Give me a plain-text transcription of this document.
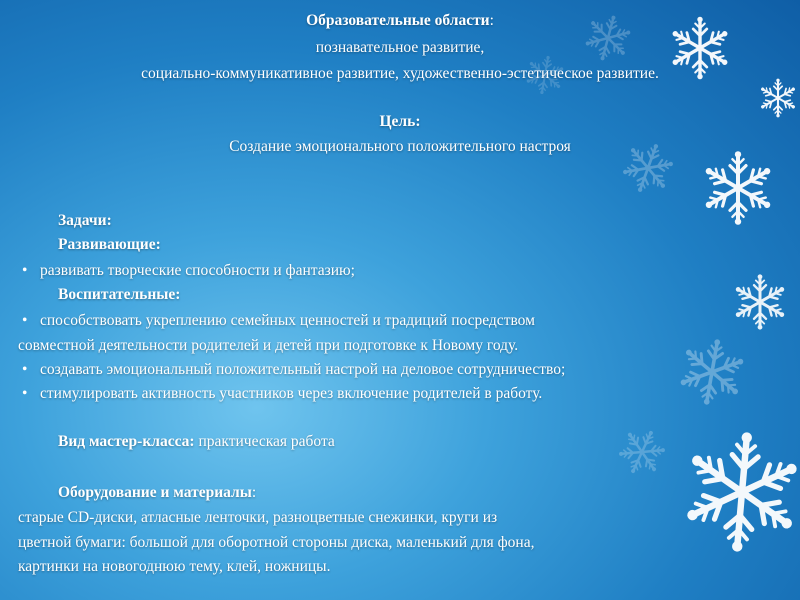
Образовательные области:
познавательное развитие,
социально-коммуникативное развитие, художественно-эстетическое развитие.
Цель:
Создание эмоционального положительного настроя
Задачи:
Развивающие:
• развивать творческие способности и фантазию;
Воспитательные:
• способствовать укреплению семейных ценностей и традиций посредством
совместной деятельности родителей и детей при подготовке к Новому году.
• создавать эмоциональный положительный настрой на деловое сотрудничество;
• стимулировать активность участников через включение родителей в работу.
Вид мастер-класса: практическая работа
Оборудование и материалы:
старые CD-диски, атласные ленточки, разноцветные снежинки, круги из
цветной бумаги: большой для оборотной стороны диска, маленький для фона,
картинки на новогоднюю тему, клей, ножницы.
